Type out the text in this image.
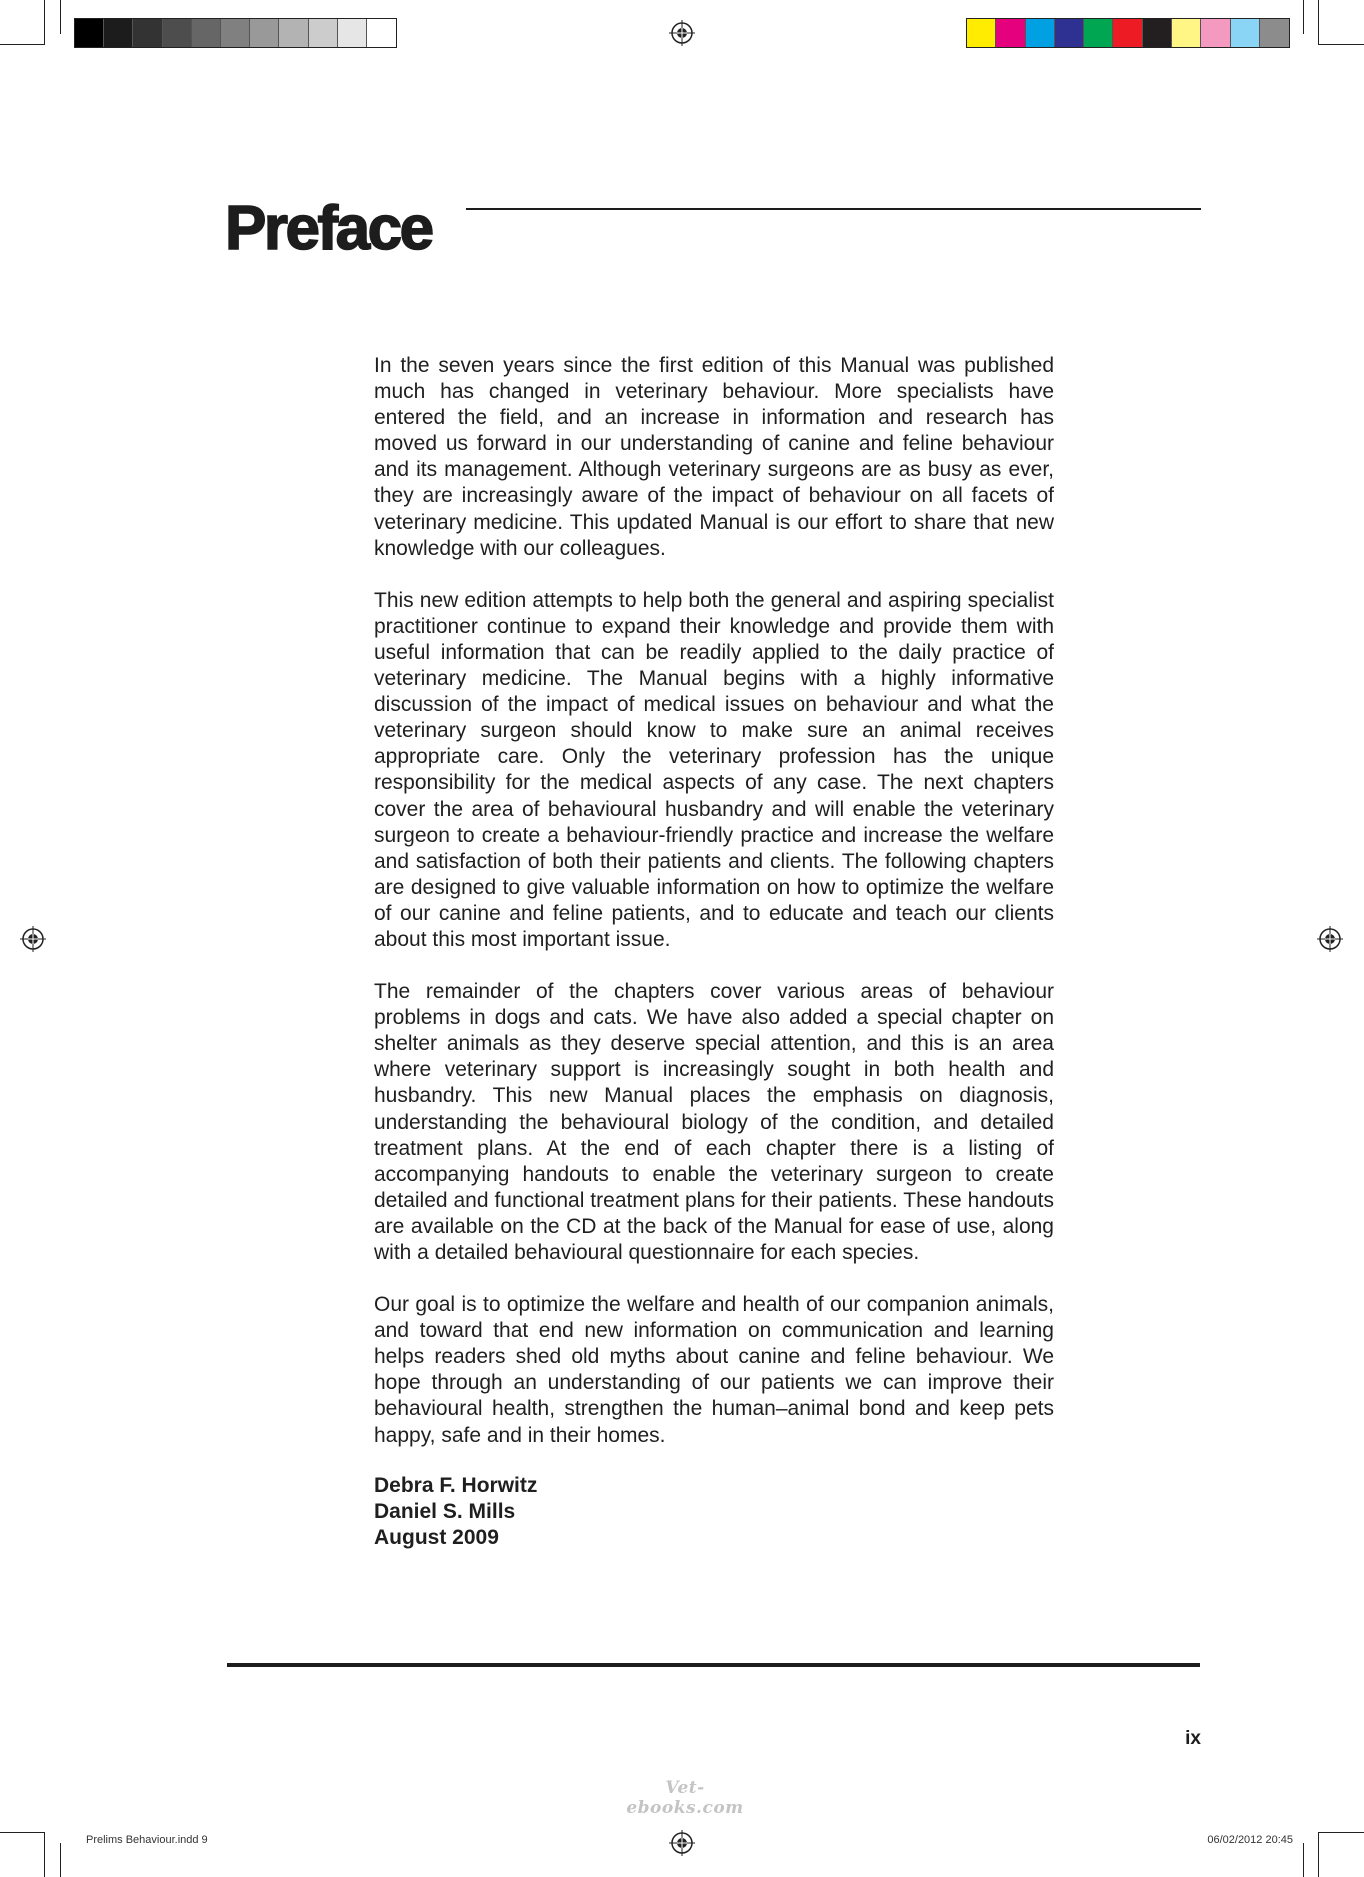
Preface

In the seven years since the first edition of this Manual was published much has changed in veterinary behaviour. More specialists have entered the field, and an increase in information and research has moved us forward in our understanding of canine and feline behaviour and its management. Although veterinary surgeons are as busy as ever, they are increasingly aware of the impact of behaviour on all facets of veterinary medicine. This updated Manual is our effort to share that new knowledge with our colleagues.

This new edition attempts to help both the general and aspiring specialist practitioner continue to expand their knowledge and provide them with useful information that can be readily applied to the daily practice of veterinary medicine. The Manual begins with a highly informative discussion of the impact of medical issues on behaviour and what the veterinary surgeon should know to make sure an animal receives appropriate care. Only the veterinary profession has the unique responsibility for the medical aspects of any case. The next chapters cover the area of behavioural husbandry and will enable the veterinary surgeon to create a behaviour-friendly practice and increase the welfare and satisfaction of both their patients and clients. The following chapters are designed to give valuable information on how to optimize the welfare of our canine and feline patients, and to educate and teach our clients about this most important issue.

The remainder of the chapters cover various areas of behaviour problems in dogs and cats. We have also added a special chapter on shelter animals as they deserve special attention, and this is an area where veterinary support is increasingly sought in both health and husbandry. This new Manual places the emphasis on diagnosis, understanding the behavioural biology of the condition, and detailed treatment plans. At the end of each chapter there is a listing of accompanying handouts to enable the veterinary surgeon to create detailed and functional treatment plans for their patients. These handouts are available on the CD at the back of the Manual for ease of use, along with a detailed behavioural questionnaire for each species.

Our goal is to optimize the welfare and health of our companion animals, and toward that end new information on communication and learning helps readers shed old myths about canine and feline behaviour. We hope through an understanding of our patients we can improve their behavioural health, strengthen the human–animal bond and keep pets happy, safe and in their homes.

Debra F. Horwitz
Daniel S. Mills
August 2009
ix
Vet-ebooks.com
Prelims Behaviour.indd 9	06/02/2012 20:45
